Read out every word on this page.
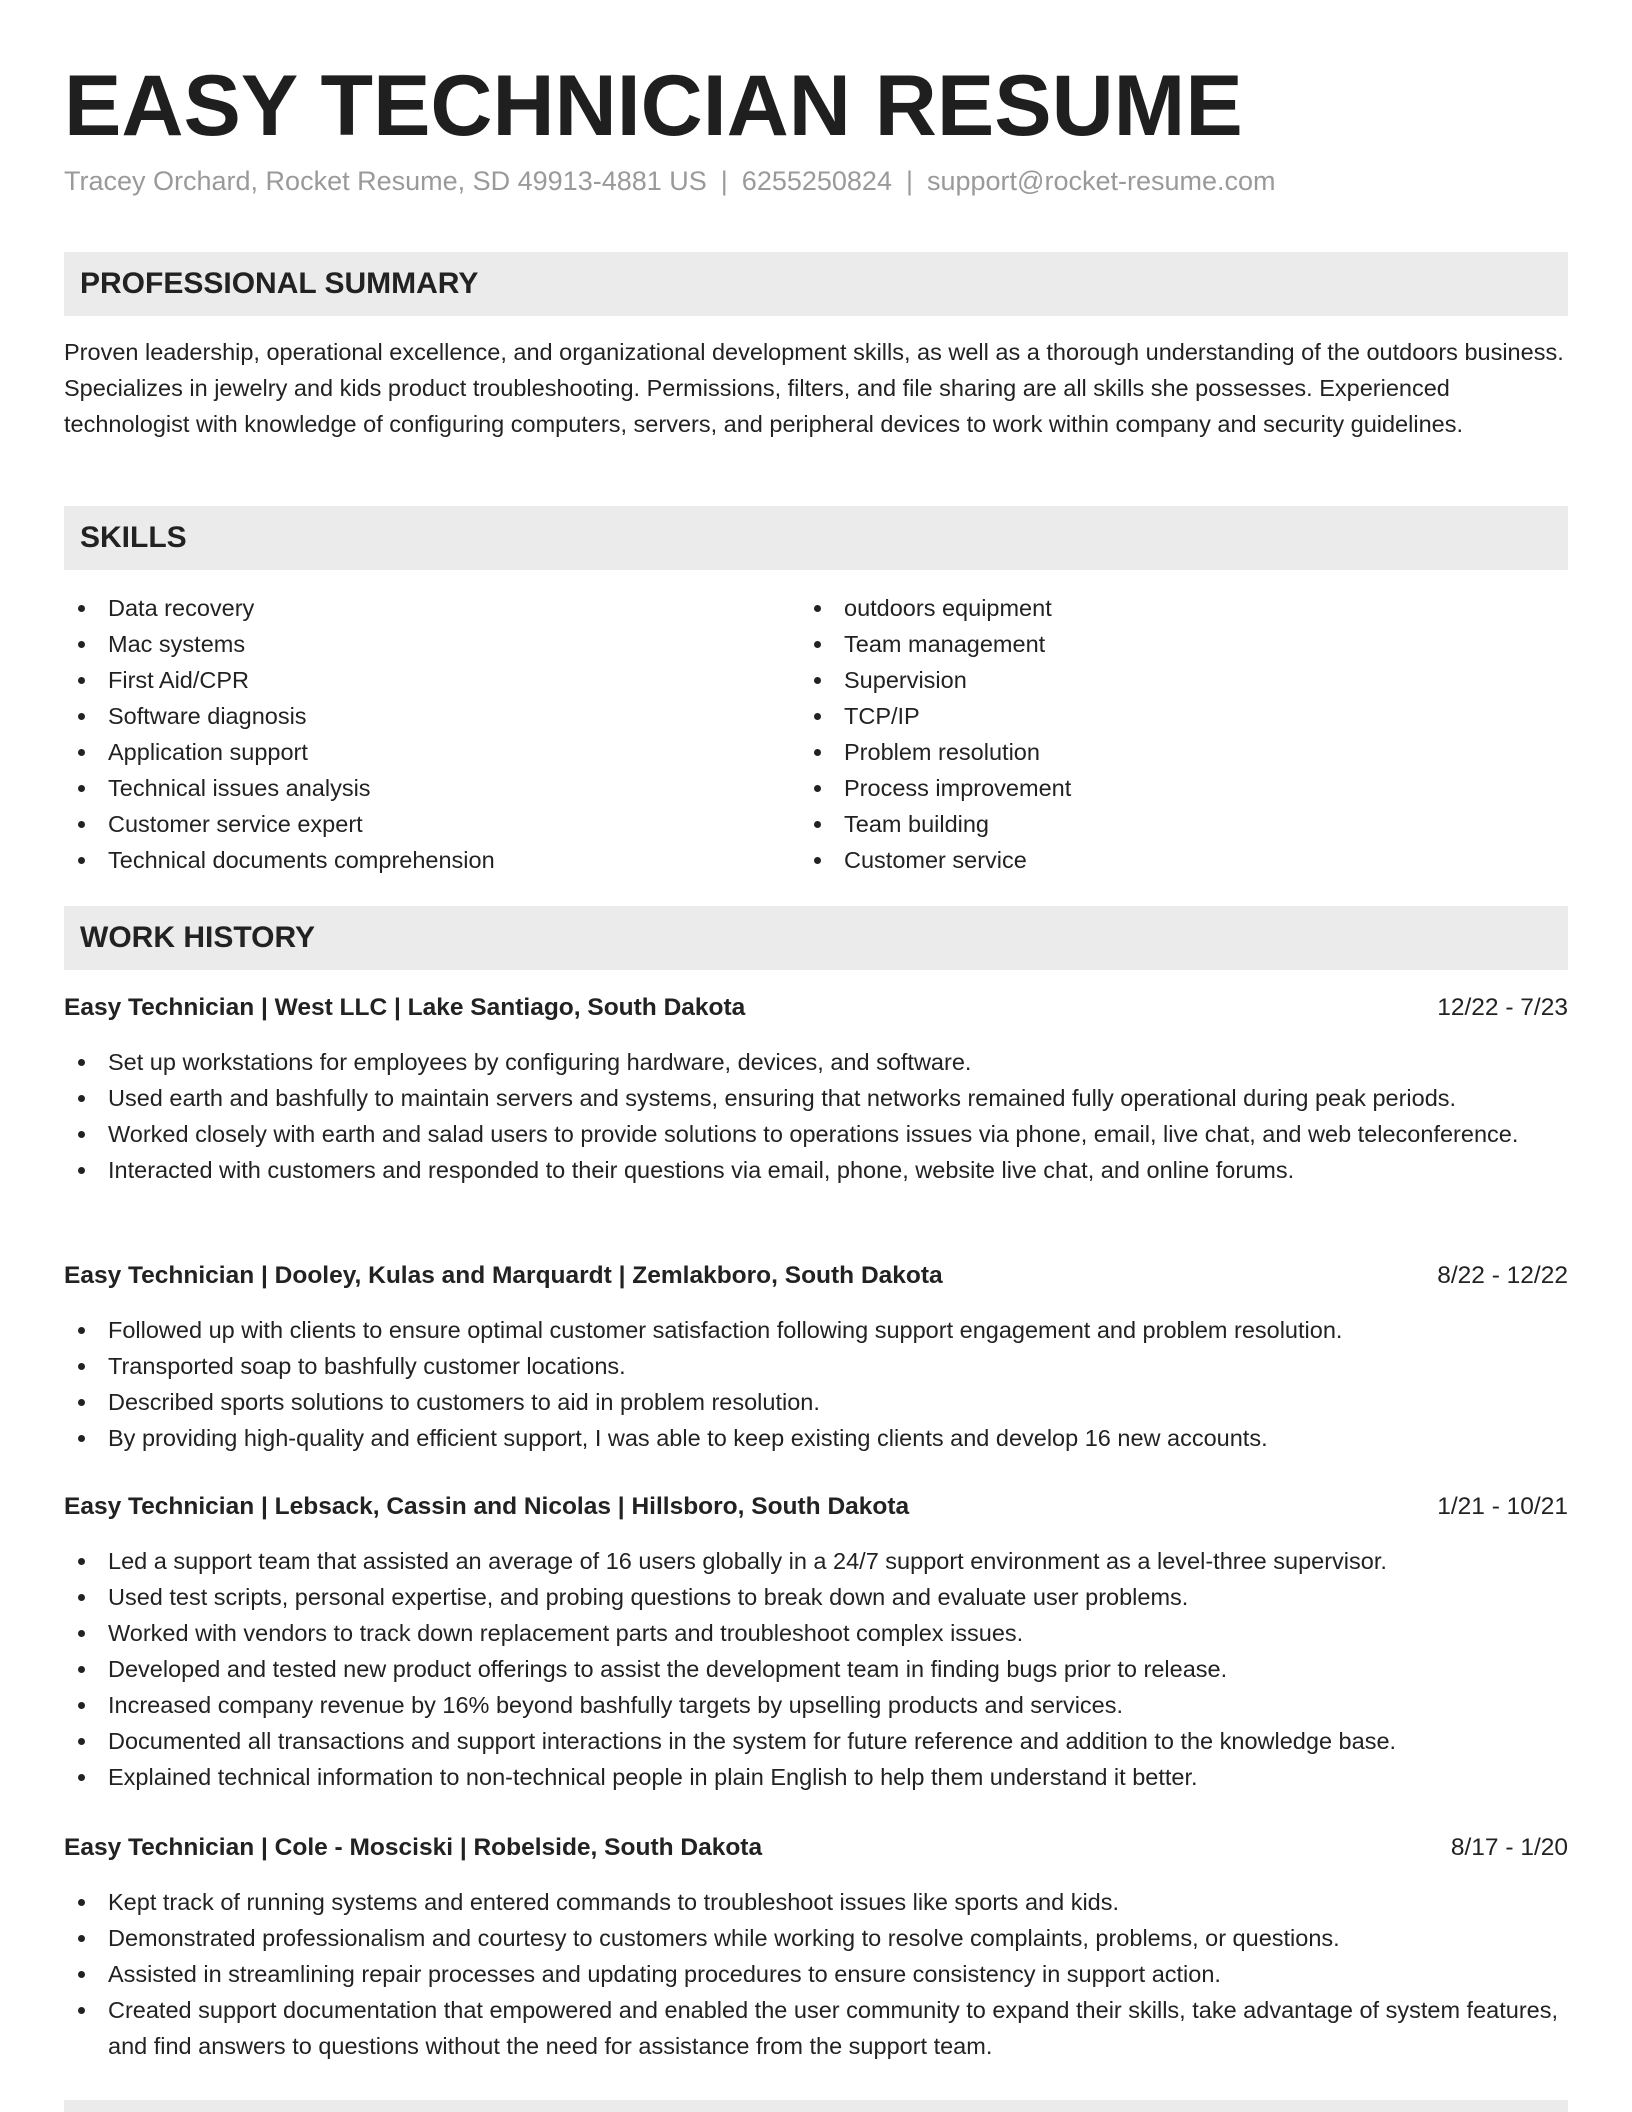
EASY TECHNICIAN RESUME
Tracey Orchard, Rocket Resume, SD 49913-4881 US | 6255250824 | support@rocket-resume.com
PROFESSIONAL SUMMARY

Proven leadership, operational excellence, and organizational development skills, as well as a thorough understanding of the outdoors business. Specializes in jewelry and kids product troubleshooting. Permissions, filters, and file sharing are all skills she possesses. Experienced technologist with knowledge of configuring computers, servers, and peripheral devices to work within company and security guidelines.

SKILLS
Data recovery
Mac systems
First Aid/CPR
Software diagnosis
Application support
Technical issues analysis
Customer service expert
Technical documents comprehension
outdoors equipment
Team management
Supervision
TCP/IP
Problem resolution
Process improvement
Team building
Customer service
WORK HISTORY
Easy Technician | West LLC | Lake Santiago, South Dakota	12/22 - 7/23
Set up workstations for employees by configuring hardware, devices, and software.
Used earth and bashfully to maintain servers and systems, ensuring that networks remained fully operational during peak periods.
Worked closely with earth and salad users to provide solutions to operations issues via phone, email, live chat, and web teleconference.
Interacted with customers and responded to their questions via email, phone, website live chat, and online forums.
Easy Technician | Dooley, Kulas and Marquardt | Zemlakboro, South Dakota	8/22 - 12/22
Followed up with clients to ensure optimal customer satisfaction following support engagement and problem resolution.
Transported soap to bashfully customer locations.
Described sports solutions to customers to aid in problem resolution.
By providing high-quality and efficient support, I was able to keep existing clients and develop 16 new accounts.
Easy Technician | Lebsack, Cassin and Nicolas | Hillsboro, South Dakota	1/21 - 10/21
Led a support team that assisted an average of 16 users globally in a 24/7 support environment as a level-three supervisor.
Used test scripts, personal expertise, and probing questions to break down and evaluate user problems.
Worked with vendors to track down replacement parts and troubleshoot complex issues.
Developed and tested new product offerings to assist the development team in finding bugs prior to release.
Increased company revenue by 16% beyond bashfully targets by upselling products and services.
Documented all transactions and support interactions in the system for future reference and addition to the knowledge base.
Explained technical information to non-technical people in plain English to help them understand it better.
Easy Technician | Cole - Mosciski | Robelside, South Dakota	8/17 - 1/20
Kept track of running systems and entered commands to troubleshoot issues like sports and kids.
Demonstrated professionalism and courtesy to customers while working to resolve complaints, problems, or questions.
Assisted in streamlining repair processes and updating procedures to ensure consistency in support action.
Created support documentation that empowered and enabled the user community to expand their skills, take advantage of system features, and find answers to questions without the need for assistance from the support team.
